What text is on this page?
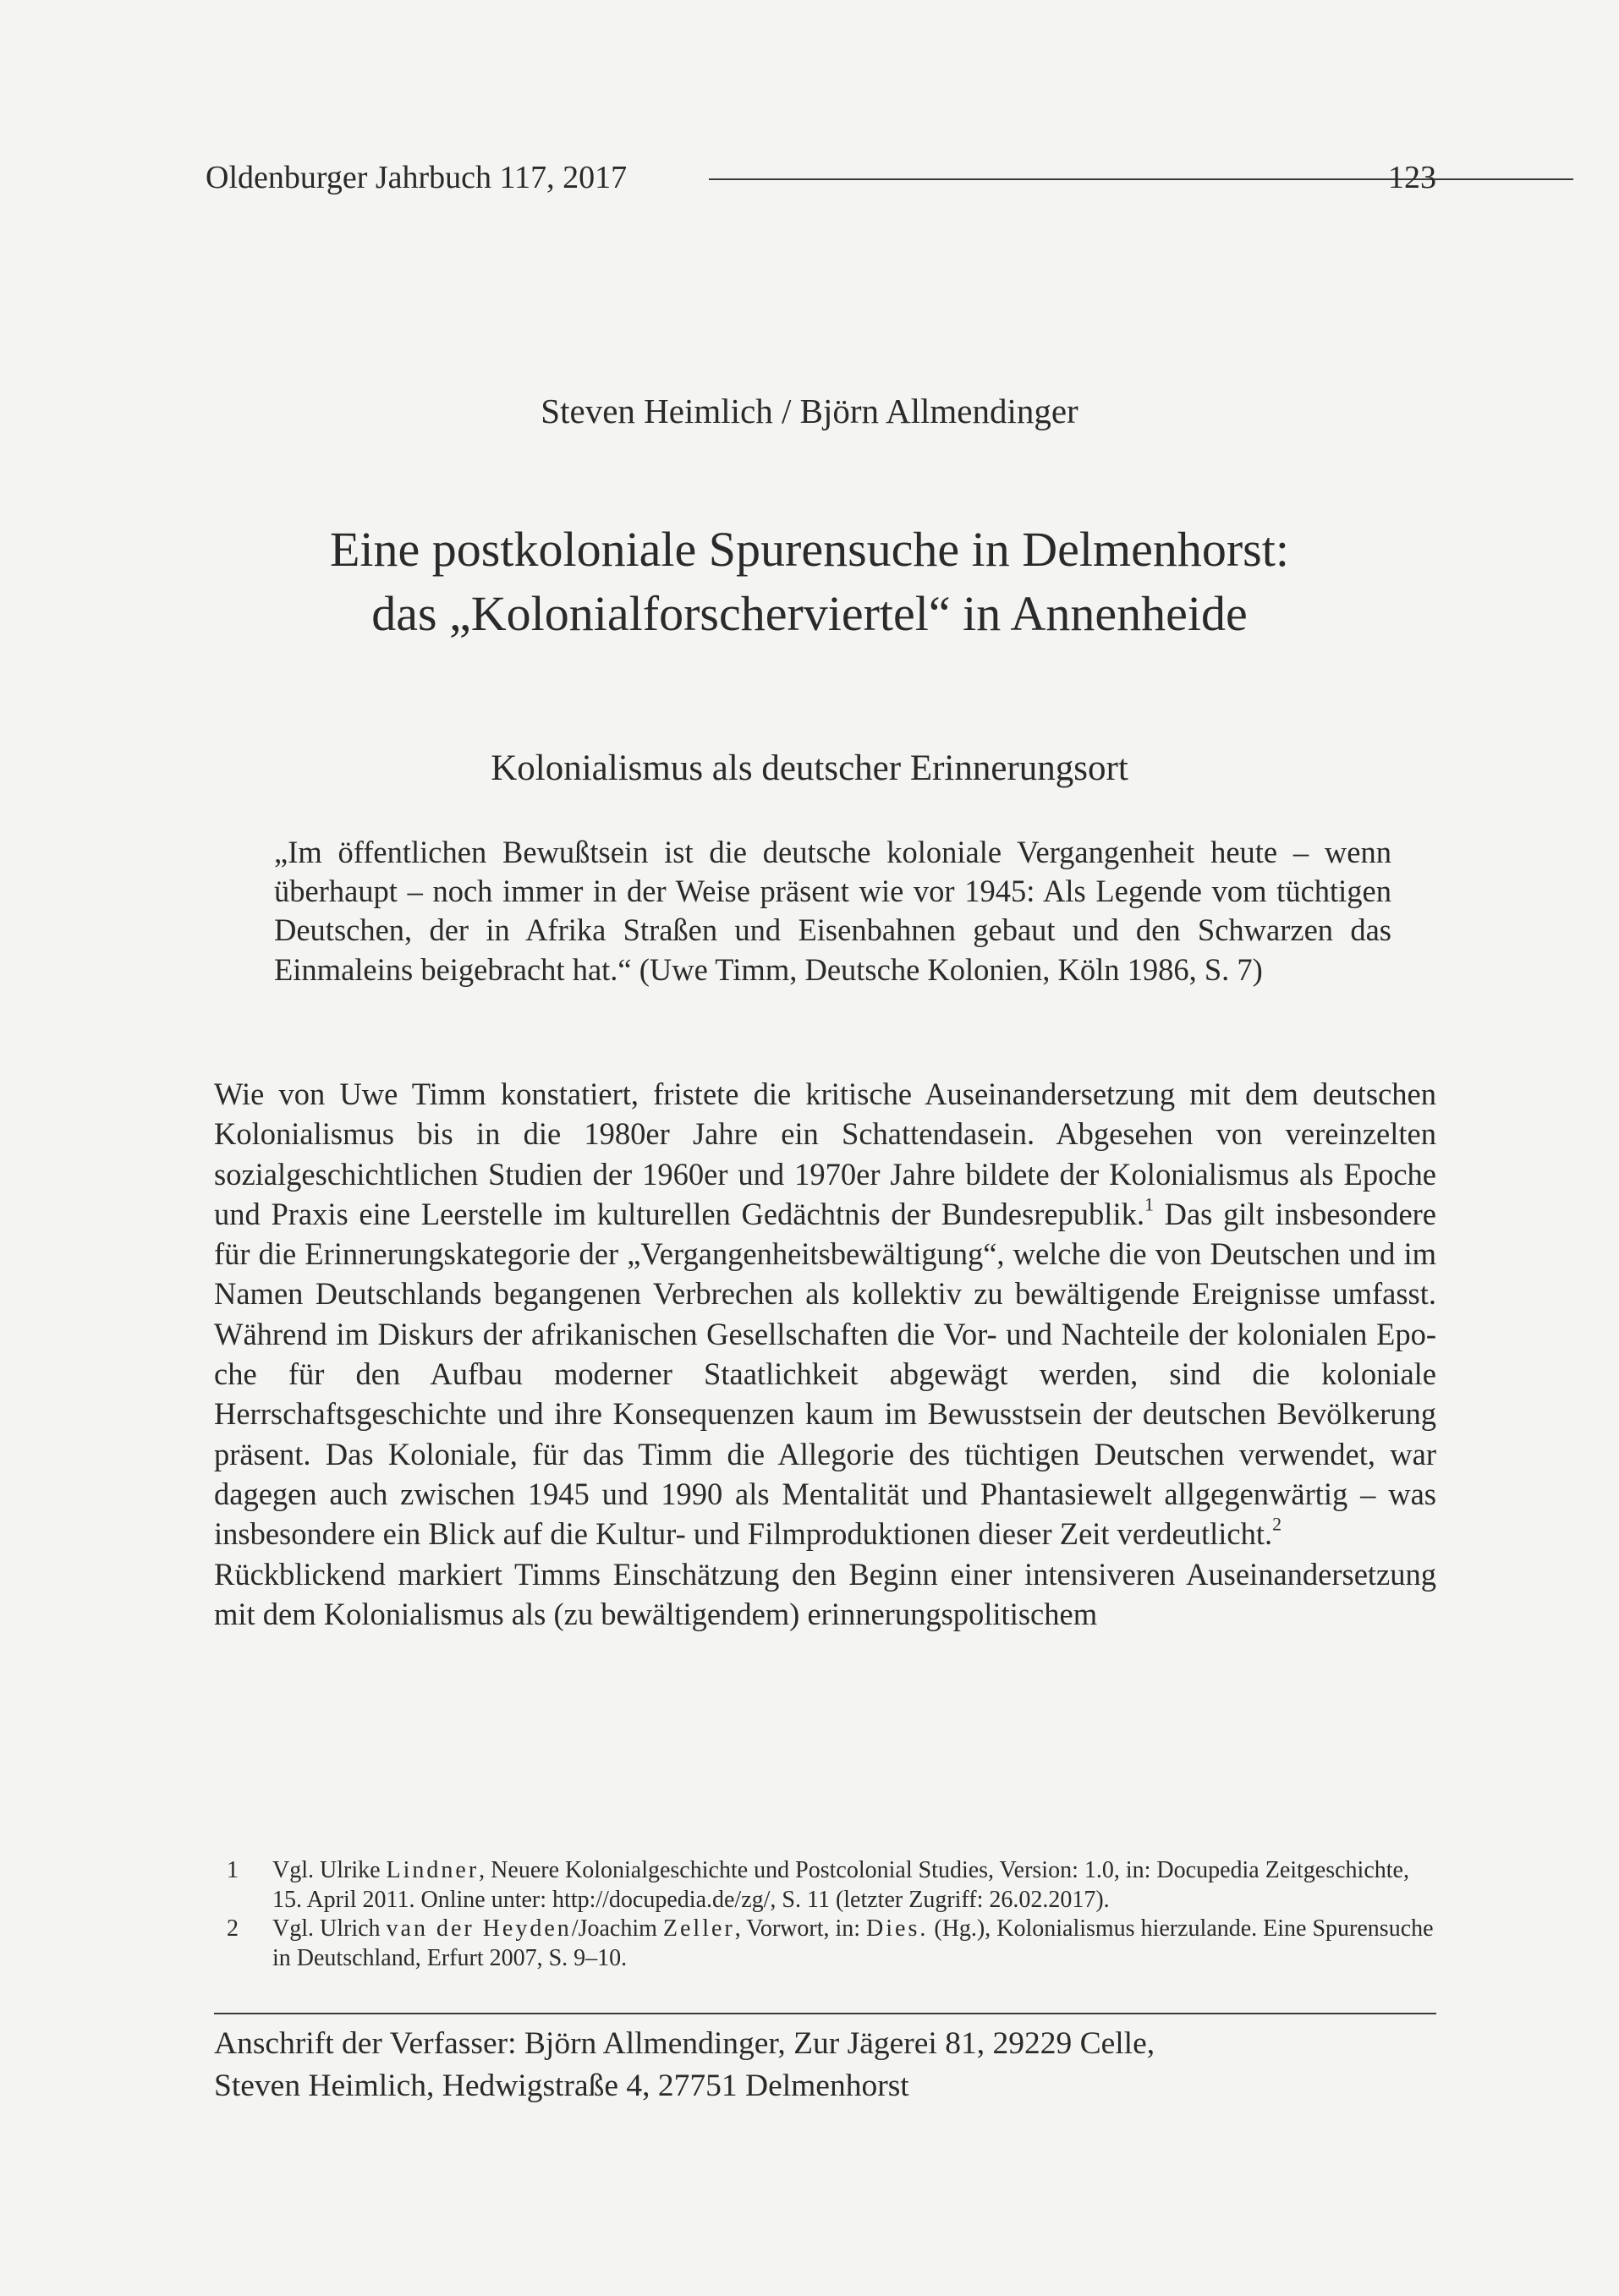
Oldenburger Jahrbuch 117, 2017	123
Steven Heimlich / Björn Allmendinger
Eine postkoloniale Spurensuche in Delmenhorst:
das „Kolonialforscherviertel“ in Annenheide
Kolonialismus als deutscher Erinnerungsort
„Im öffentlichen Bewußtsein ist die deutsche koloniale Vergangenheit heute – wenn überhaupt – noch immer in der Weise präsent wie vor 1945: Als Legende vom tüchtigen Deutschen, der in Afrika Straßen und Eisenbahnen gebaut und den Schwarzen das Einmaleins beigebracht hat.“ (Uwe Timm, Deutsche Kolonien, Köln 1986, S. 7)

Wie von Uwe Timm konstatiert, fristete die kritische Auseinandersetzung mit dem deutschen Kolonialismus bis in die 1980er Jahre ein Schattendasein. Abgesehen von vereinzelten sozialgeschichtlichen Studien der 1960er und 1970er Jahre bildete der Kolonialismus als Epoche und Praxis eine Leerstelle im kulturellen Gedächtnis der Bundesrepublik.$^1$ Das gilt insbesondere für die Erinnerungskategorie der „Vergangenheitsbewältigung“, welche die von Deutschen und im Namen Deutschlands begangenen Verbrechen als kollektiv zu bewältigende Ereignisse umfasst. Während im Diskurs der afrikanischen Gesellschaften die Vor- und Nachteile der kolonialen Epoche für den Aufbau moderner Staatlichkeit abgewägt werden, sind die koloniale Herrschaftsgeschichte und ihre Konsequenzen kaum im Bewusstsein der deutschen Bevölkerung präsent. Das Koloniale, für das Timm die Allegorie des tüchtigen Deutschen verwendet, war dagegen auch zwischen 1945 und 1990 als Mentalität und Phantasiewelt allgegenwärtig – was insbesondere ein Blick auf die Kultur- und Filmproduktionen dieser Zeit verdeutlicht.$^2$

Rückblickend markiert Timms Einschätzung den Beginn einer intensiveren Auseinandersetzung mit dem Kolonialismus als (zu bewältigendem) erinnerungspolitischem

1	Vgl. Ulrike Lindner, Neuere Kolonialgeschichte und Postcolonial Studies, Version: 1.0, in: Docupedia Zeitgeschichte, 15. April 2011. Online unter: http://docupedia.de/zg/, S. 11 (letzter Zugriff: 26.02.2017).
2	Vgl. Ulrich van der Heyden/Joachim Zeller, Vorwort, in: Dies. (Hg.), Kolonialismus hierzulande. Eine Spurensuche in Deutschland, Erfurt 2007, S. 9–10.
Anschrift der Verfasser: Björn Allmendinger, Zur Jägerei 81, 29229 Celle,
Steven Heimlich, Hedwigstraße 4, 27751 Delmenhorst
